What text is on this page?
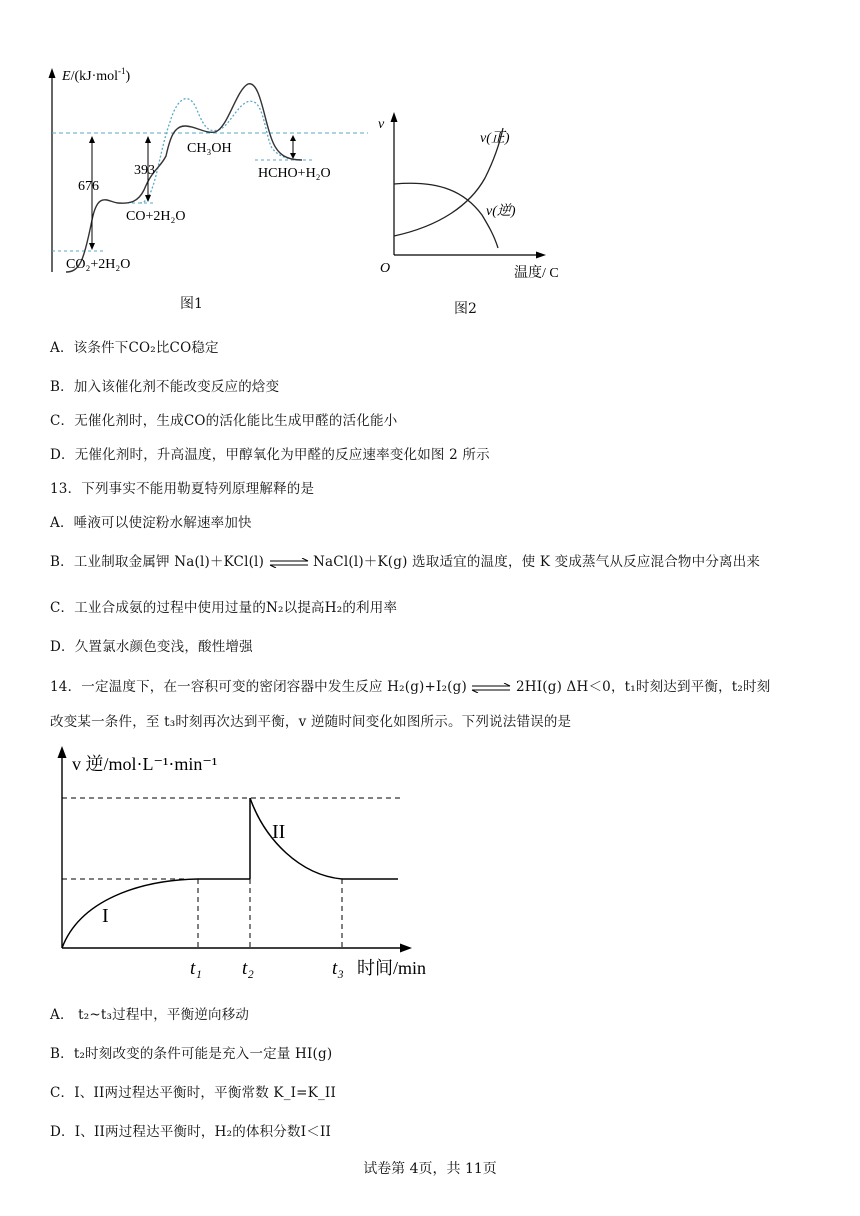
E/(kJ·mol$^{-1}$)
676
393
CH₃OH
HCHO+H₂O
CO+2H₂O
CO₂+2H₂O
图1
v
O
v(正)
v(逆)
温度/ C
图2
A．该条件下CO₂比CO稳定
B．加入该催化剂不能改变反应的焓变
C．无催化剂时，生成CO的活化能比生成甲醛的活化能小
D．无催化剂时，升高温度，甲醇氧化为甲醛的反应速率变化如图 2 所示
13．下列事实不能用勒夏特列原理解释的是
A．唾液可以使淀粉水解速率加快
B．工业制取金属钾 Na(l)＋KCl(l) ⇌ NaCl(l)＋K(g) 选取适宜的温度，使 K 变成蒸气从反应混合物中分离出来
C．工业合成氨的过程中使用过量的N₂以提高H₂的利用率
D．久置氯水颜色变浅，酸性增强
14．一定温度下，在一容积可变的密闭容器中发生反应 H₂(g)+I₂(g) ⇌ 2HI(g) ΔH＜0，t₁时刻达到平衡，t₂时刻
改变某一条件，至 t₃时刻再次达到平衡，v 逆随时间变化如图所示。下列说法错误的是
v 逆/mol·L⁻¹·min⁻¹
I
II
t₁ t₂	t₃ 时间/min
A． t₂~t₃过程中，平衡逆向移动
B．t₂时刻改变的条件可能是充入一定量 HI(g)
C．I、II两过程达平衡时，平衡常数 K_I=K_II
D．I、II两过程达平衡时，H₂的体积分数I＜II
试卷第 4页，共 11页
